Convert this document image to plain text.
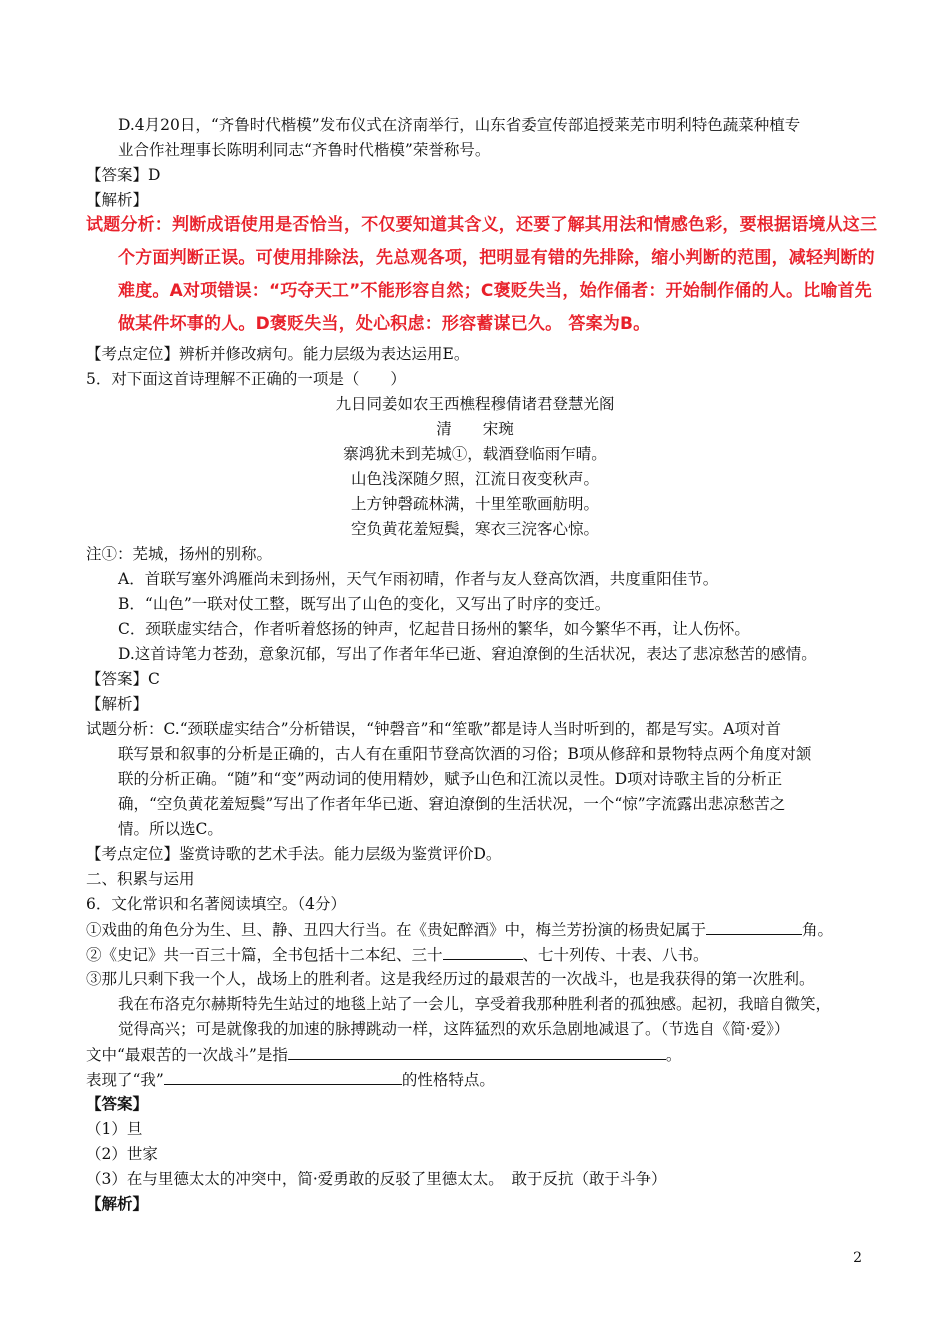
D.4月20日，“齐鲁时代楷模”发布仪式在济南举行，山东省委宣传部追授莱芜市明利特色蔬菜种植专
业合作社理事长陈明利同志“齐鲁时代楷模”荣誉称号。
【答案】D
【解析】
试题分析：判断成语使用是否恰当，不仅要知道其含义，还要了解其用法和情感色彩，要根据语境从这三
个方面判断正误。可使用排除法，先总观各项，把明显有错的先排除，缩小判断的范围，减轻判断的
难度。A对项错误：“巧夺天工”不能形容自然；C褒贬失当，始作俑者：开始制作俑的人。比喻首先
做某件坏事的人。D褒贬失当，处心积虑：形容蓄谋已久。 答案为B。
【考点定位】辨析并修改病句。能力层级为表达运用E。
5．对下面这首诗理解不正确的一项是（　　）
九日同姜如农王西樵程穆倩诸君登慧光阁
清　　宋琬
寨鸿犹未到芜城①，载酒登临雨乍晴。
山色浅深随夕照，江流日夜变秋声。
上方钟磬疏林满，十里笙歌画舫明。
空负黄花羞短鬓，寒衣三浣客心惊。
注①：芜城，扬州的别称。
A．首联写塞外鸿雁尚未到扬州，天气乍雨初晴，作者与友人登高饮酒，共度重阳佳节。
B．“山色”一联对仗工整，既写出了山色的变化，又写出了时序的变迁。
C．颈联虚实结合，作者听着悠扬的钟声，忆起昔日扬州的繁华，如今繁华不再，让人伤怀。
D.这首诗笔力苍劲，意象沉郁，写出了作者年华已逝、窘迫潦倒的生活状况，表达了悲凉愁苦的感情。
【答案】C
【解析】
试题分析：C.“颈联虚实结合”分析错误，“钟磬音”和“笙歌”都是诗人当时听到的，都是写实。A项对首
联写景和叙事的分析是正确的，古人有在重阳节登高饮酒的习俗；B项从修辞和景物特点两个角度对颔
联的分析正确。“随”和“变”两动词的使用精妙，赋予山色和江流以灵性。D项对诗歌主旨的分析正
确，“空负黄花羞短鬓”写出了作者年华已逝、窘迫潦倒的生活状况，一个“惊”字流露出悲凉愁苦之
情。所以选C。
【考点定位】鉴赏诗歌的艺术手法。能力层级为鉴赏评价D。
二、积累与运用
6．文化常识和名著阅读填空。（4分）
①戏曲的角色分为生、旦、静、丑四大行当。在《贵妃醉酒》中，梅兰芳扮演的杨贵妃属于	角。
②《史记》共一百三十篇，全书包括十二本纪、三十	、七十列传、十表、八书。
③那儿只剩下我一个人，战场上的胜利者。这是我经历过的最艰苦的一次战斗，也是我获得的第一次胜利。
我在布洛克尔赫斯特先生站过的地毯上站了一会儿，享受着我那种胜利者的孤独感。起初，我暗自微笑，
觉得高兴；可是就像我的加速的脉搏跳动一样，这阵猛烈的欢乐急剧地减退了。（节选自《简·爱》）
文中“最艰苦的一次战斗”是指	。
表现了“我”	的性格特点。
【答案】
（1）旦
（2）世家
（3）在与里德太太的冲突中，简·爱勇敢的反驳了里德太太。　敢于反抗（敢于斗争）
【解析】
2
